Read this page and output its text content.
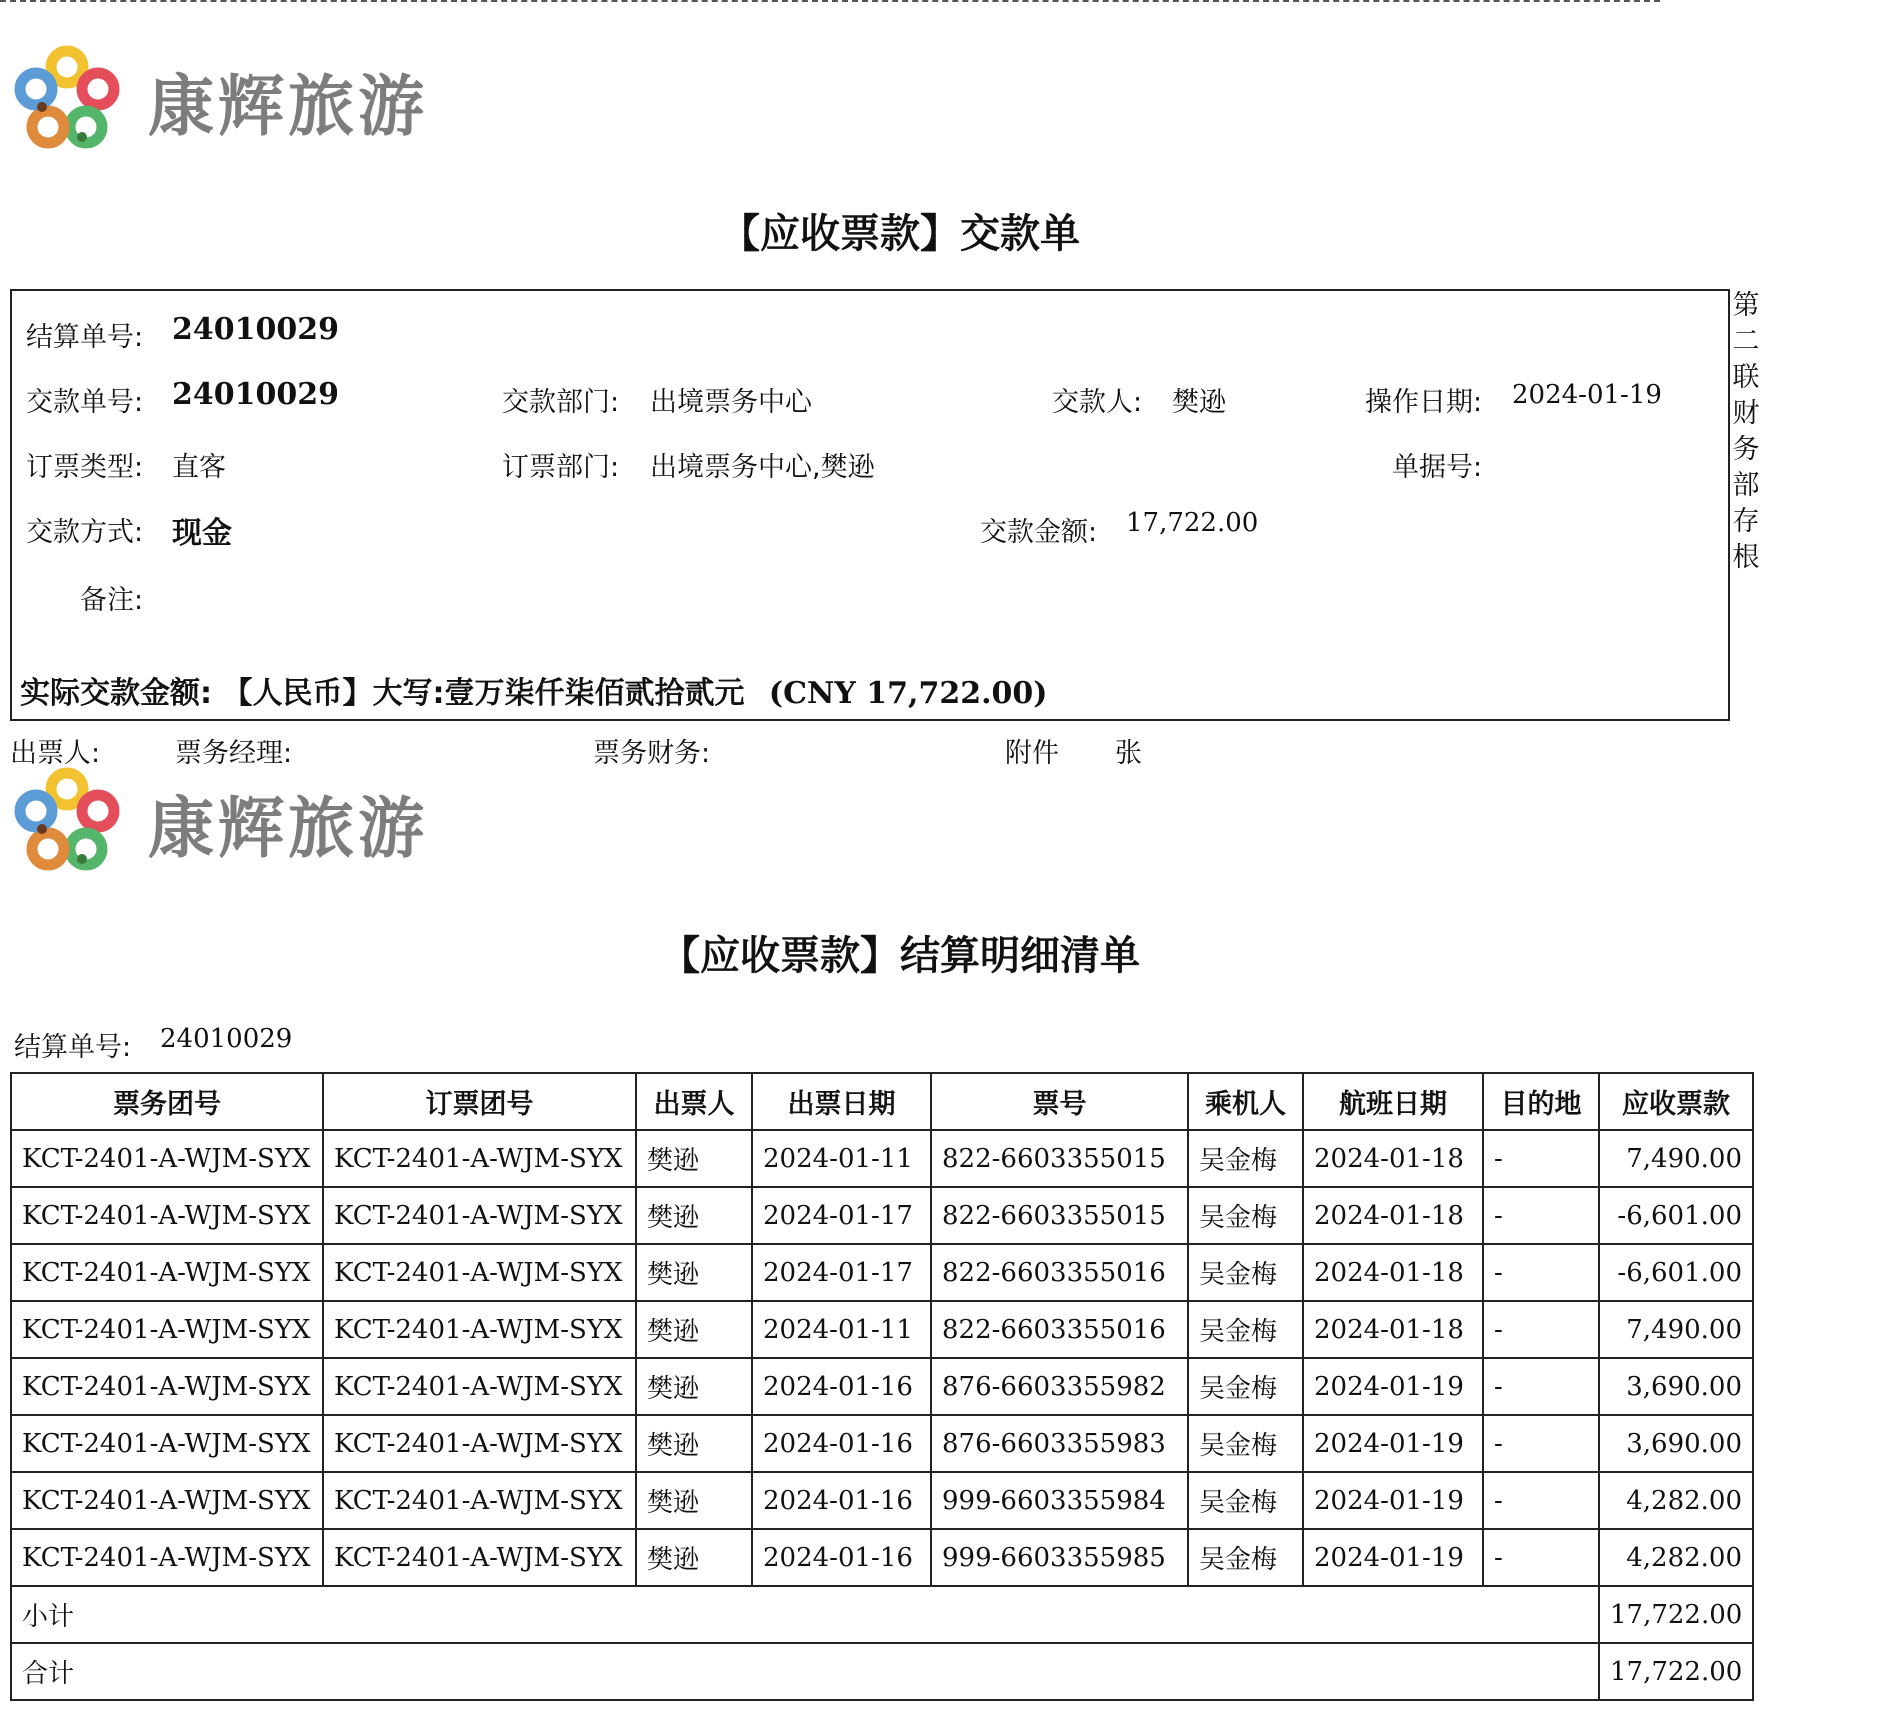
康辉旅游
【应收票款】交款单
结算单号: 24010029
交款单号: 24010029	交款部门: 出境票务中心	交款人: 樊逊	操作日期: 2024-01-19
订票类型: 直客	订票部门: 出境票务中心,樊逊	单据号:
交款方式: 现金	交款金额: 17,722.00
备注:
实际交款金额: 【人民币】大写:壹万柒仟柒佰贰拾贰元 (CNY 17,722.00)
第二联财务部存根
出票人:	票务经理:	票务财务:	附件 张
康辉旅游
【应收票款】结算明细清单
结算单号: 24010029
票务团号	订票团号	出票人	出票日期	票号	乘机人	航班日期	目的地	应收票款
KCT-2401-A-WJM-SYX	KCT-2401-A-WJM-SYX	樊逊	2024-01-11	822-6603355015	吴金梅	2024-01-18	-	7,490.00
KCT-2401-A-WJM-SYX	KCT-2401-A-WJM-SYX	樊逊	2024-01-17	822-6603355015	吴金梅	2024-01-18	-	-6,601.00
KCT-2401-A-WJM-SYX	KCT-2401-A-WJM-SYX	樊逊	2024-01-17	822-6603355016	吴金梅	2024-01-18	-	-6,601.00
KCT-2401-A-WJM-SYX	KCT-2401-A-WJM-SYX	樊逊	2024-01-11	822-6603355016	吴金梅	2024-01-18	-	7,490.00
KCT-2401-A-WJM-SYX	KCT-2401-A-WJM-SYX	樊逊	2024-01-16	876-6603355982	吴金梅	2024-01-19	-	3,690.00
KCT-2401-A-WJM-SYX	KCT-2401-A-WJM-SYX	樊逊	2024-01-16	876-6603355983	吴金梅	2024-01-19	-	3,690.00
KCT-2401-A-WJM-SYX	KCT-2401-A-WJM-SYX	樊逊	2024-01-16	999-6603355984	吴金梅	2024-01-19	-	4,282.00
KCT-2401-A-WJM-SYX	KCT-2401-A-WJM-SYX	樊逊	2024-01-16	999-6603355985	吴金梅	2024-01-19	-	4,282.00
小计								17,722.00
合计								17,722.00
